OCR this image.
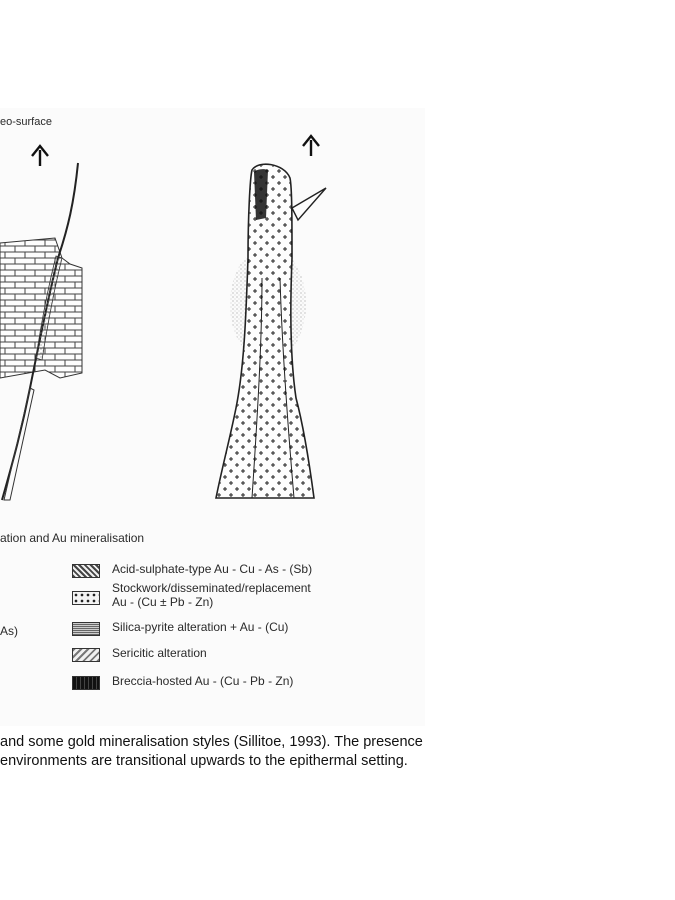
eo-surface
ation and Au mineralisation
As)
Acid-sulphate-type Au - Cu - As - (Sb)
Stockwork/disseminated/replacement
Au - (Cu ± Pb - Zn)
Silica-pyrite alteration + Au - (Cu)
Sericitic alteration
Breccia-hosted Au - (Cu - Pb - Zn)
and some gold mineralisation styles (Sillitoe, 1993). The presence
environments are transitional upwards to the epithermal setting.
